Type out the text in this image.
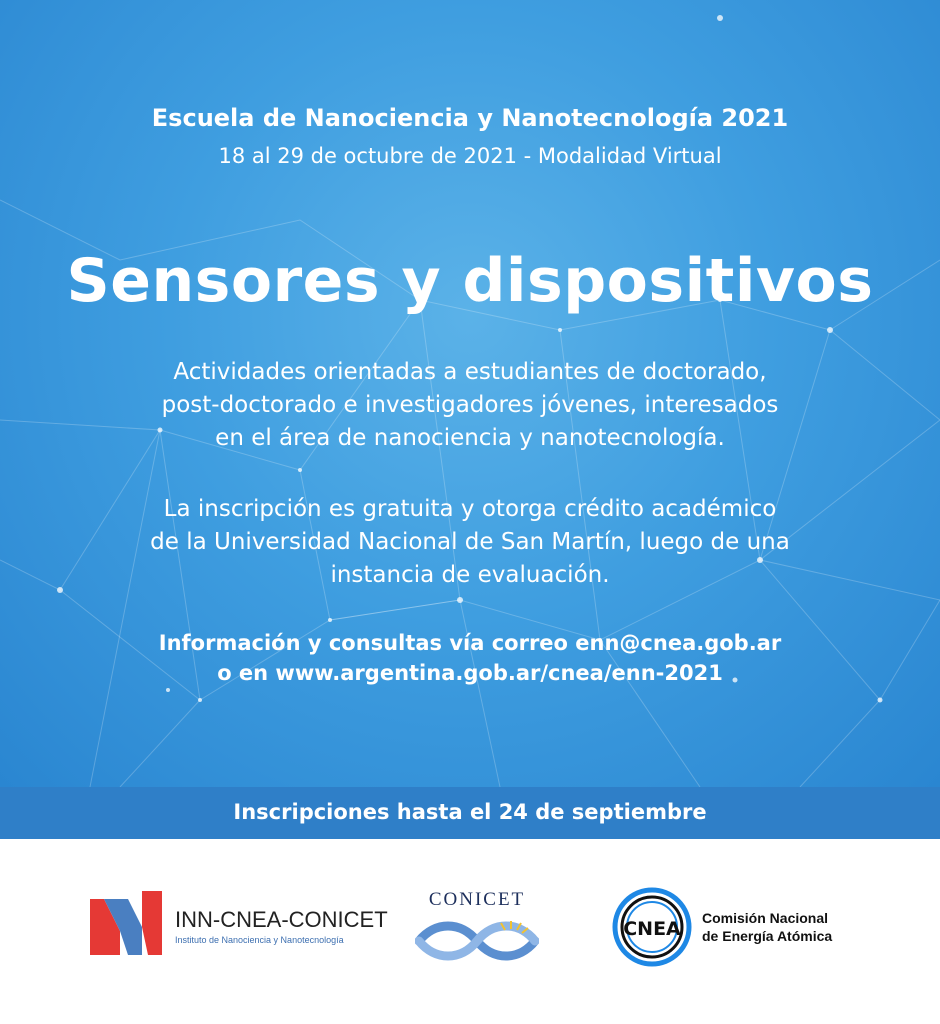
Escuela de Nanociencia y Nanotecnología 2021
18 al 29 de octubre de 2021 - Modalidad Virtual
Sensores y dispositivos
Actividades orientadas a estudiantes de doctorado,
post-doctorado e investigadores jóvenes, interesados
en el área de nanociencia y nanotecnología.
La inscripción es gratuita y otorga crédito académico
de la Universidad Nacional de San Martín, luego de una
instancia de evaluación.
Información y consultas vía correo enn@cnea.gob.ar
o en www.argentina.gob.ar/cnea/enn-2021
Inscripciones hasta el 24 de septiembre
INN-CNEA-CONICET
Instituto de Nanociencia y Nanotecnología
CONICET
CNEA Comisión Nacional
de Energía Atómica
